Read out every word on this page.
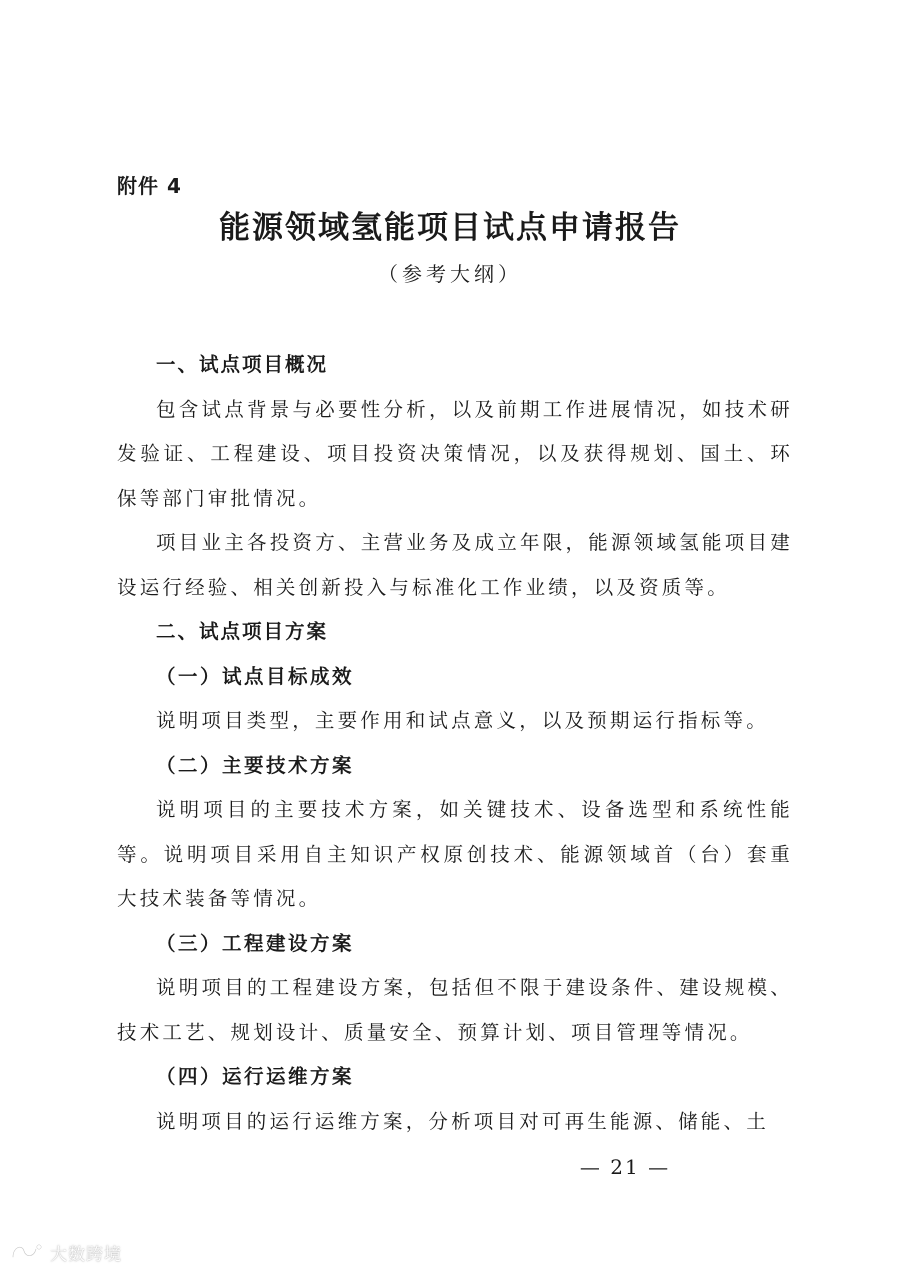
附件 4
能源领域氢能项目试点申请报告
（参考大纲）

一、试点项目概况

包含试点背景与必要性分析，以及前期工作进展情况，如技术研发验证、工程建设、项目投资决策情况，以及获得规划、国土、环保等部门审批情况。

项目业主各投资方、主营业务及成立年限，能源领域氢能项目建设运行经验、相关创新投入与标准化工作业绩，以及资质等。

二、试点项目方案

（一）试点目标成效

说明项目类型，主要作用和试点意义，以及预期运行指标等。

（二）主要技术方案

说明项目的主要技术方案，如关键技术、设备选型和系统性能等。说明项目采用自主知识产权原创技术、能源领域首（台）套重大技术装备等情况。

（三）工程建设方案

说明项目的工程建设方案，包括但不限于建设条件、建设规模、技术工艺、规划设计、质量安全、预算计划、项目管理等情况。

（四）运行运维方案

说明项目的运行运维方案，分析项目对可再生能源、储能、土

— 21 —
大数跨境
